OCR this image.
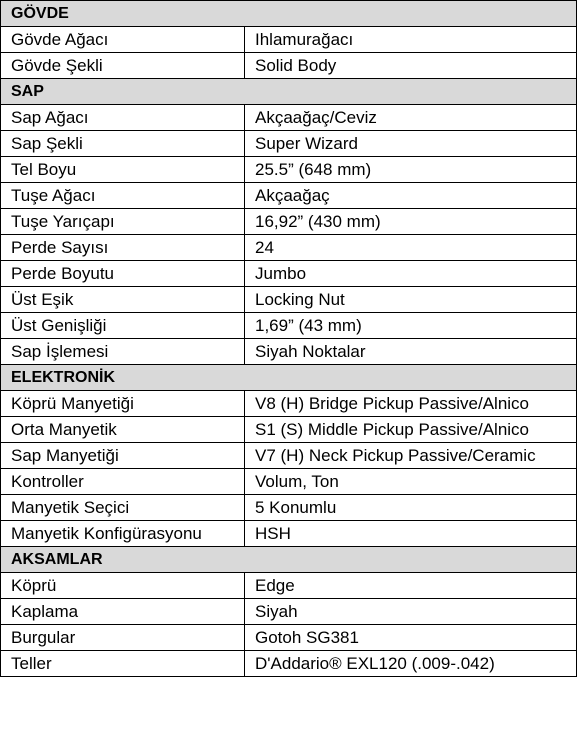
GÖVDE	
Gövde Ağacı	Ihlamurağacı
Gövde Şekli	Solid Body
SAP	
Sap Ağacı	Akçaağaç/Ceviz
Sap Şekli	Super Wizard
Tel Boyu	25.5” (648 mm)
Tuşe Ağacı	Akçaağaç
Tuşe Yarıçapı	16,92” (430 mm)
Perde Sayısı	24
Perde Boyutu	Jumbo
Üst Eşik	Locking Nut
Üst Genişliği	1,69” (43 mm)
Sap İşlemesi	Siyah Noktalar
ELEKTRONİK	
Köprü Manyetiği	V8 (H) Bridge Pickup Passive/Alnico
Orta Manyetik	S1 (S) Middle Pickup Passive/Alnico
Sap Manyetiği	V7 (H) Neck Pickup Passive/Ceramic
Kontroller	Volum, Ton
Manyetik Seçici	5 Konumlu
Manyetik Konfigürasyonu	HSH
AKSAMLAR	
Köprü	Edge
Kaplama	Siyah
Burgular	Gotoh SG381
Teller	D'Addario® EXL120 (.009-.042)
